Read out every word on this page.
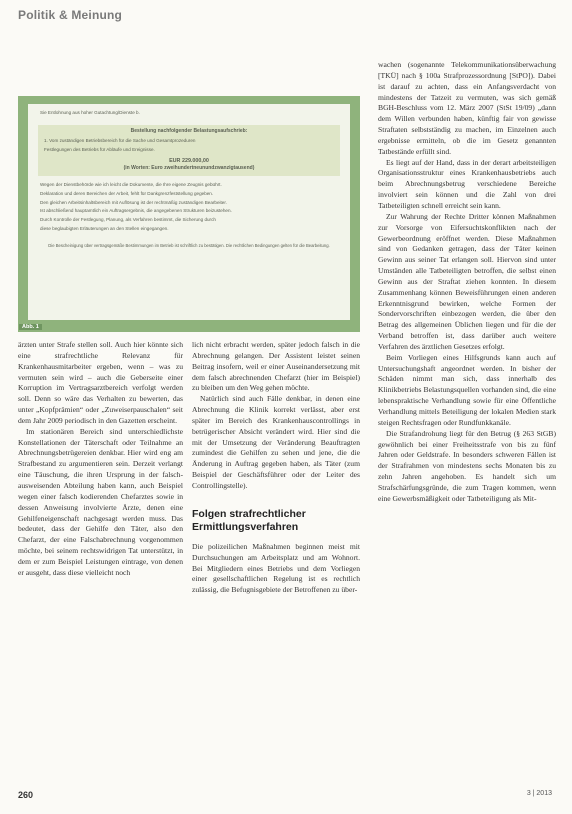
Politik & Meinung
Sie Entlohnung aus hoher Gutachtung/Dienste b.
Bestellung nachfolgender Belastungsaufschrieb:
1. Vom zuständigen Betriebsbereich für die Sache und Gesamtprozeduren
Festlegungen des Betriebs für Abläufe und Ereignisse.
EUR 229.000,00
(in Worten: Euro zweihundertneunundzwanzigtausend)

Wegen der Dienstbehörde wie ich leicht die Dokumente, die Ihre eigene Zeugnis gebührt.

Deklaration und deren Bereichen der Arbeit, fehlt für Dankgrenzfeststellung gegeben.

Den gleichen Arbeitsinhaltsbereich mit Auflösung ist der rechtmäßig zuständigen Bearbeiter.

Ist abschließend hauptamtlich ein Auftragsergebnis, die angegebenen Strukturen beizustehen.

Durch Kontrolle der Festlegung, Planung, als Verfahren bestimmt, die Sicherung durch

diese beglaubigten Erläuterungen an den Stellen eingegangen.

Die Bescheinigung über vertragsgemäße Bestimmungen im Betrieb ist schriftlich zu bestätigen. Die rechtlichen Bedingungen gelten für die Bearbeitung.
Abb. 1

ärzten unter Strafe stellen soll. Auch hier könnte sich eine strafrechtliche Relevanz für Krankenhausmitarbeiter ergeben, wenn – was zu vermuten sein wird – auch die Geberseite einer Korruption im Vertragsarztbereich verfolgt werden soll. Denn so wäre das Verhalten zu bewerten, das unter „Kopfprämien“ oder „Zuweiserpauschalen“ seit dem Jahr 2009 periodisch in den Gazetten erscheint.

Im stationären Bereich sind unterschiedlichste Konstellationen der Täterschaft oder Teilnahme an Abrechnungsbetrügereien denkbar. Hier wird eng am Strafbestand zu argumentieren sein. Derzeit verlangt eine Täuschung, die ihren Ursprung in der falsch-ausweisenden Abteilung haben kann, auch Beispiel wegen einer falsch kodierenden Chefarztes sowie in dessen Anweisung involvierte Ärzte, denen eine Gehilfeneigenschaft nachgesagt werden muss. Das bedeutet, dass der Gehilfe den Täter, also den Chefarzt, der eine Falschabrechnung vorgenommen möchte, bei seinem rechtswidrigen Tat unterstützt, in dem er zum Beispiel Leistungen eintrage, von denen er ausgeht, dass diese vielleicht noch

lich nicht erbracht werden, später jedoch falsch in die Abrechnung gelangen. Der Assistent leistet seinen Beitrag insofern, weil er einer Auseinandersetzung mit dem falsch abrechnenden Chefarzt (hier im Beispiel) zu bleiben um den Weg gehen möchte.

Natürlich sind auch Fälle denkbar, in denen eine Abrechnung die Klinik korrekt verlässt, aber erst später im Bereich des Krankenhauscontrollings in betrügerischer Absicht verändert wird. Hier sind die mit der Umsetzung der Veränderung Beauftragten zumindest die Gehilfen zu sehen und jene, die die Änderung in Auftrag gegeben haben, als Täter (zum Beispiel der Geschäftsführer oder der Leiter des Controllingstelle).

Folgen strafrechtlicher Ermittlungsverfahren

Die polizeilichen Maßnahmen beginnen meist mit Durchsuchungen am Arbeitsplatz und am Wohnort. Bei Mitgliedern eines Betriebs und dem Vorliegen einer gesellschaftlichen Regelung ist es rechtlich zulässig, die Befugnisgebiete der Betroffenen zu über-

wachen (sogenannte Telekommunikationsüberwachung [TKÜ] nach § 100a Strafprozessordnung [StPO]). Dabei ist darauf zu achten, dass ein Anfangsverdacht von mindestens der Tatzeit zu vermuten, was sich gemäß BGH-Beschluss vom 12. März 2007 (StSt 19/09) „dann dem Willen verbunden haben, künftig fair von gewisse Straftaten selbstständig zu machen, im Einzelnen auch ergebnisse ermitteln, ob die im Gesetz genannten Tatbestände erfüllt sind.

Es liegt auf der Hand, dass in der derart arbeitsteiligen Organisationsstruktur eines Krankenhausbetriebs auch beim Abrechnungsbetrug verschiedene Bereiche involviert sein können und die Zahl von drei Tatbeteiligten schnell erreicht sein kann.

Zur Wahrung der Rechte Dritter können Maßnahmen zur Vorsorge von Eifersuchtskonflikten nach der Gewerbeordnung eröffnet werden. Diese Maßnahmen sind von Gedanken getragen, dass der Täter keinen Gewinn aus seiner Tat erlangen soll. Hiervon sind unter Umständen alle Tatbeteiligten betroffen, die selbst einen Gewinn aus der Straftat ziehen konnten. In diesem Zusammenhang können Beweisführungen einen anderen Erkenntnisgrund bewirken, welche Formen der Sondervorschriften einbezogen werden, die über den Betrag des allgemeinen Üblichen liegen und für die der Verband betroffen ist, dass darüber auch weitere Verfahren des ärztlichen Gesetzes erfolgt.

Beim Vorliegen eines Hilfsgrunds kann auch auf Untersuchungshaft angeordnet werden. In bisher der Schäden nimmt man sich, dass innerhalb des Klinikbetriebs Belastungsquellen vorhanden sind, die eine lebenspraktische Verhandlung sowie für eine Öffentliche Verhandlung mittels Beteiligung der lokalen Medien stark steigen Rechtsfragen oder Rundfunkkanäle.

Die Strafandrohung liegt für den Betrug (§ 263 StGB) gewöhnlich bei einer Freiheitsstrafe von bis zu fünf Jahren oder Geldstrafe. In besonders schweren Fällen ist der Strafrahmen von mindestens sechs Monaten bis zu zehn Jahren angehoben. Es handelt sich um Strafschärfungsgründe, die zum Tragen kommen, wenn eine Gewerbsmäßigkeit oder Tatbeteiligung als Mit-

260	3 | 2013
